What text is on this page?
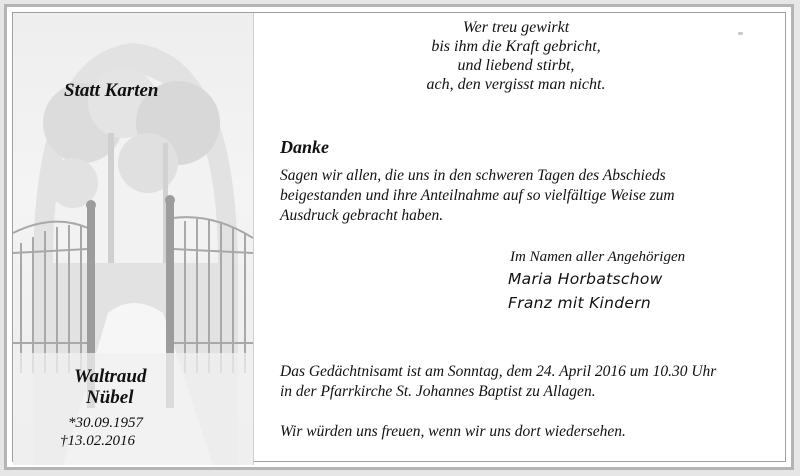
Statt Karten
Waltraud
Nübel
*30.09.1957
†13.02.2016
Wer treu gewirkt
bis ihm die Kraft gebricht,
und liebend stirbt,
ach, den vergisst man nicht.
Danke
Sagen wir allen, die uns in den schweren Tagen des Abschieds
beigestanden und ihre Anteilnahme auf so vielfältige Weise zum
Ausdruck gebracht haben.
Im Namen aller Angehörigen
Maria Horbatschow
Franz mit Kindern
Das Gedächtnisamt ist am Sonntag, dem 24. April 2016 um 10.30 Uhr
in der Pfarrkirche St. Johannes Baptist zu Allagen.
Wir würden uns freuen, wenn wir uns dort wiedersehen.
